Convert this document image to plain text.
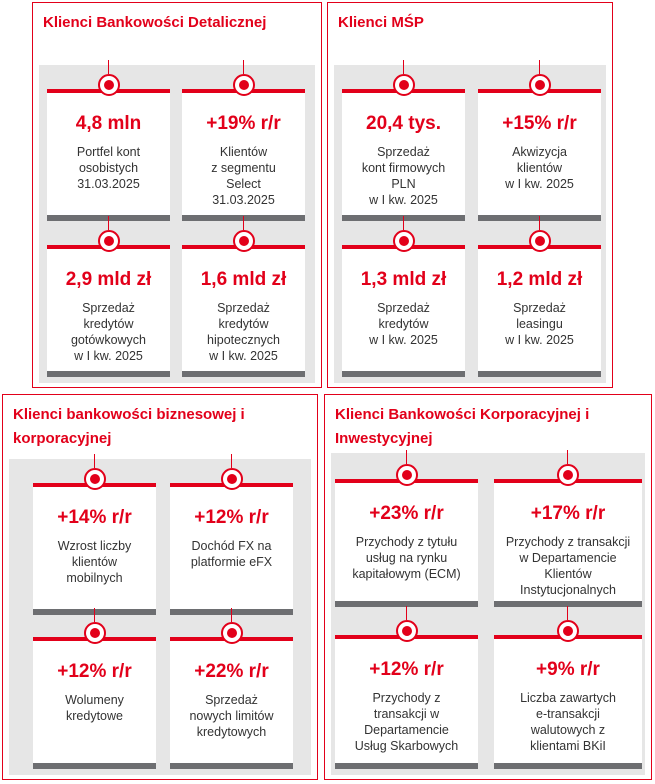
Klienci Bankowości Detalicznej
4,8 mln
Portfel kont
osobistych
31.03.2025
+19% r/r
Klientów
z segmentu
Select
31.03.2025
2,9 mld zł
Sprzedaż
kredytów
gotówkowych
w I kw. 2025
1,6 mld zł
Sprzedaż
kredytów
hipotecznych
w I kw. 2025
Klienci MŚP
20,4 tys.
Sprzedaż
kont firmowych
PLN
w I kw. 2025
+15% r/r
Akwizycja
klientów
w I kw. 2025
1,3 mld zł
Sprzedaż
kredytów
w I kw. 2025
1,2 mld zł
Sprzedaż
leasingu
w I kw. 2025
Klienci bankowości biznesowej i
korporacyjnej
+14% r/r
Wzrost liczby
klientów
mobilnych
+12% r/r
Dochód FX na
platformie eFX
+12% r/r
Wolumeny
kredytowe
+22% r/r
Sprzedaż
nowych limitów
kredytowych
Klienci Bankowości Korporacyjnej i
Inwestycyjnej
+23% r/r
Przychody z tytułu
usług na rynku
kapitałowym (ECM)
+17% r/r
Przychody z transakcji
w Departamencie
Klientów
Instytucjonalnych
+12% r/r
Przychody z
transakcji w
Departamencie
Usług Skarbowych
+9% r/r
Liczba zawartych
e-transakcji
walutowych z
klientami BKiI
